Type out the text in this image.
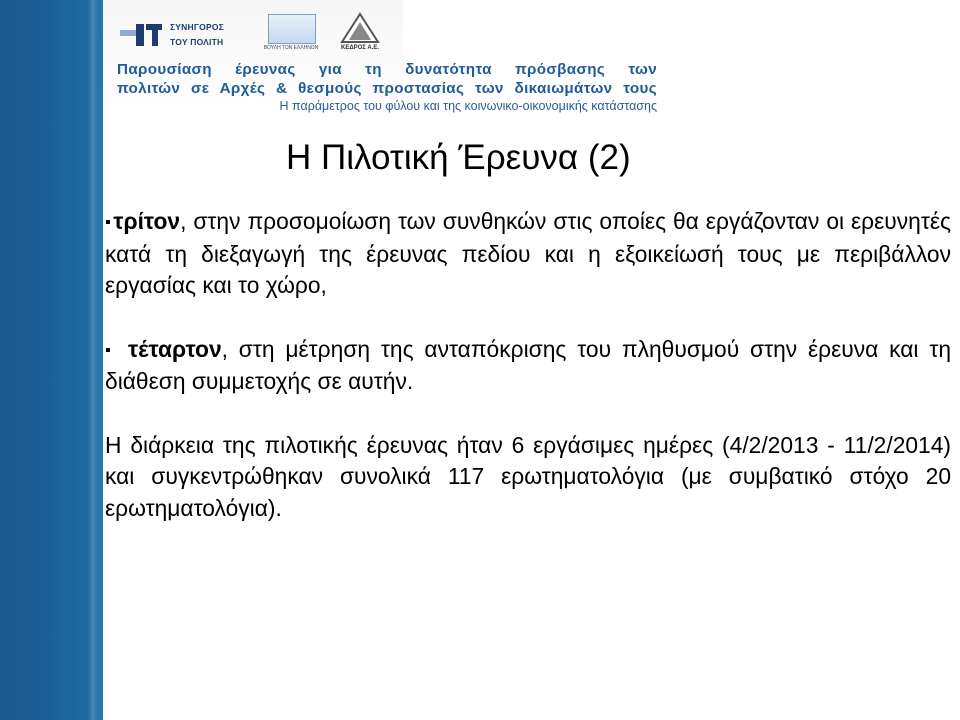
ΣΥΝΗΓΟΡΟΣ
ΤΟΥ ΠΟΛΙΤΗ
ΒΟΥΛΗ ΤΩΝ ΕΛΛΗΝΩΝ	ΚΕΔΡΟΣ Α.Ε.
Παρουσίαση έρευνας για τη δυνατότητα πρόσβασης των
πολιτών σε Αρχές & θεσμούς προστασίας των δικαιωμάτων τους
Η παράμετρος του φύλου και της κοινωνικο-οικονομικής κατάστασης
Η Πιλοτική Έρευνα (2)
▪τρίτον, στην προσομοίωση των συνθηκών στις οποίες θα εργάζονταν οι ερευνητές κατά τη διεξαγωγή της έρευνας πεδίου και η εξοικείωσή τους με περιβάλλον εργασίας και το χώρο,
▪ τέταρτον, στη μέτρηση της ανταπόκρισης του πληθυσμού στην έρευνα και τη διάθεση συμμετοχής σε αυτήν.
Η διάρκεια της πιλοτικής έρευνας ήταν 6 εργάσιμες ημέρες (4/2/2013 - 11/2/2014) και συγκεντρώθηκαν συνολικά 117 ερωτηματολόγια (με συμβατικό στόχο 20 ερωτηματολόγια).
